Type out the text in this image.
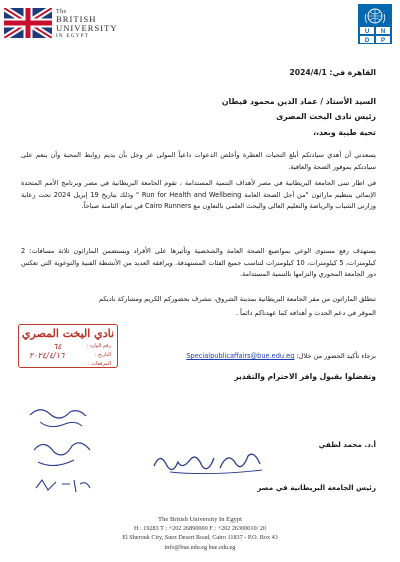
The
BRITISH
UNIVERSITY
IN EGYPT
U N
D P
القاهرة في: 2024/4/1
السيد الأستاذ / عماد الدين محمود قيطان
رئيس نادى اليخت المصرى
تحية طيبة وبعد،،
يسعدني أن أهدي سيادتكم أبلغ التحيات العطرة وأخلص الدعوات داعياً المولى عز وجل بأن يديم روابط المحبة وأن ينعم على سيادتكم بموفور الصحة والعافية.
في اطار تبنى الجامعة البريطانية في مصر لأهداف التنمية المستدامة ، تقوم الجامعة البريطانية في مصر وبرنامج الأمم المتحدة الإنمائي بتنظيم ماراثون "من أجل الصحة العامة Run for Health and Wellbeing " وذلك بتاريخ 19 إبريل 2024 تحت رعاية وزارتى الشباب والرياضة والتعليم العالى والبحث العلمي بالتعاون مع Cairo Runners في تمام الثامنة صباحاً.
يستهدف رفع مستوى الوعي بمواضيع الصحة العامة والشخصية وتأثيرها على الأفراد ويستضمن الماراثون ثلاثة مسافات: 2 كيلومترات، 5 كيلومترات، 10 كيلومترات لتناسب جميع الفئات المستهدفة. ويرافقه العديد من الأنشطة الفنية والتوعوية التي تعكس دور الجامعة المحوري والتزامها بالتنمية المستدامة.
تنطلق الماراثون من مقر الجامعة البريطانية بمدينة الشروق، نتشرف بحضوركم الكريم ومشاركة ناديكم
الموقر في دعم الحدث و أهدافه كما عهدناكم دائماً .
برجاء تأكيد الحضور من خلال: Specialpublicaffairs@bue.edu.eg
وتفضلوا بقبول وافر الاحترام والتقدير
نادي اليخت المصري
رقم الوارد :
٦٤
التاريخ :
٢٠٢٤/٤/١٦
المرفقات :
أ.د. محمد لطفي
رئيس الجامعة البريطانية في مصر
The British University In Egypt
H : 19283 T : +202 26890000 F : +202 26300010/ 20
El Sherouk City, Suez Desert Road, Cairo 11837 - P.O. Box 43
info@bue.edu.eg bue.edu.eg
